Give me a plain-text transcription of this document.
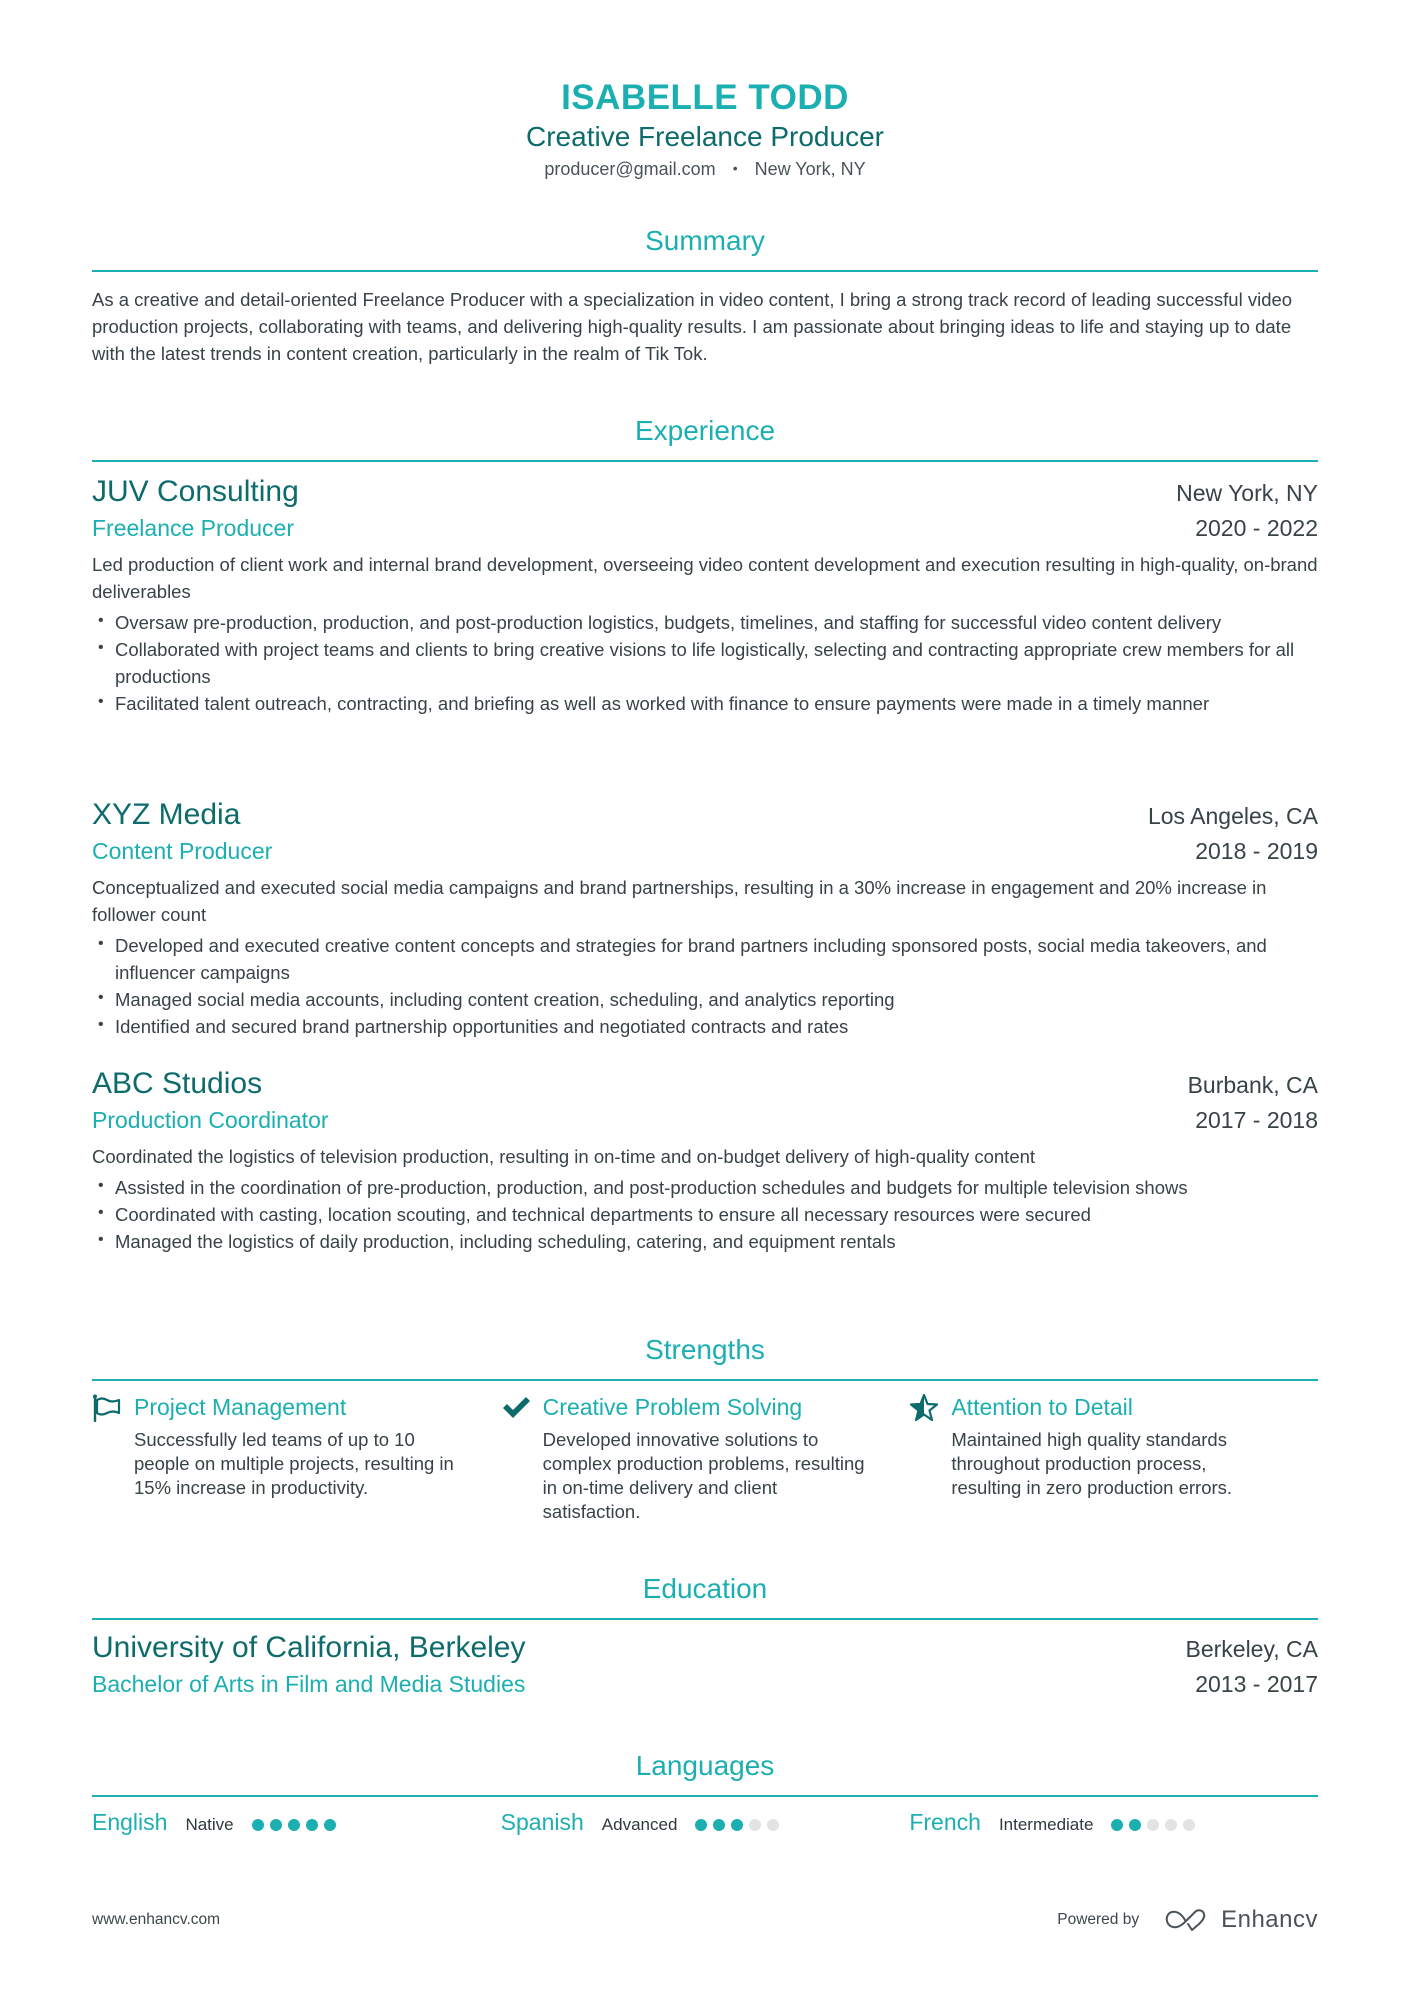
ISABELLE TODD
Creative Freelance Producer
producer@gmail.com • New York, NY
Summary
As a creative and detail-oriented Freelance Producer with a specialization in video content, I bring a strong track record of leading successful video production projects, collaborating with teams, and delivering high-quality results. I am passionate about bringing ideas to life and staying up to date with the latest trends in content creation, particularly in the realm of Tik Tok.
Experience
JUV Consulting	New York, NY
Freelance Producer	2020 - 2022
Led production of client work and internal brand development, overseeing video content development and execution resulting in high-quality, on-brand deliverables
• Oversaw pre-production, production, and post-production logistics, budgets, timelines, and staffing for successful video content delivery
• Collaborated with project teams and clients to bring creative visions to life logistically, selecting and contracting appropriate crew members for all productions
• Facilitated talent outreach, contracting, and briefing as well as worked with finance to ensure payments were made in a timely manner
XYZ Media	Los Angeles, CA
Content Producer	2018 - 2019
Conceptualized and executed social media campaigns and brand partnerships, resulting in a 30% increase in engagement and 20% increase in follower count
• Developed and executed creative content concepts and strategies for brand partners including sponsored posts, social media takeovers, and influencer campaigns
• Managed social media accounts, including content creation, scheduling, and analytics reporting
• Identified and secured brand partnership opportunities and negotiated contracts and rates
ABC Studios	Burbank, CA
Production Coordinator	2017 - 2018
Coordinated the logistics of television production, resulting in on-time and on-budget delivery of high-quality content
• Assisted in the coordination of pre-production, production, and post-production schedules and budgets for multiple television shows
• Coordinated with casting, location scouting, and technical departments to ensure all necessary resources were secured
• Managed the logistics of daily production, including scheduling, catering, and equipment rentals
Strengths
Project Management
Successfully led teams of up to 10 people on multiple projects, resulting in 15% increase in productivity.
Creative Problem Solving
Developed innovative solutions to complex production problems, resulting in on-time delivery and client satisfaction.
Attention to Detail
Maintained high quality standards throughout production process, resulting in zero production errors.
Education
University of California, Berkeley	Berkeley, CA
Bachelor of Arts in Film and Media Studies	2013 - 2017
Languages
English Native	Spanish Advanced	French Intermediate
www.enhancv.com	Powered by	Enhancv
